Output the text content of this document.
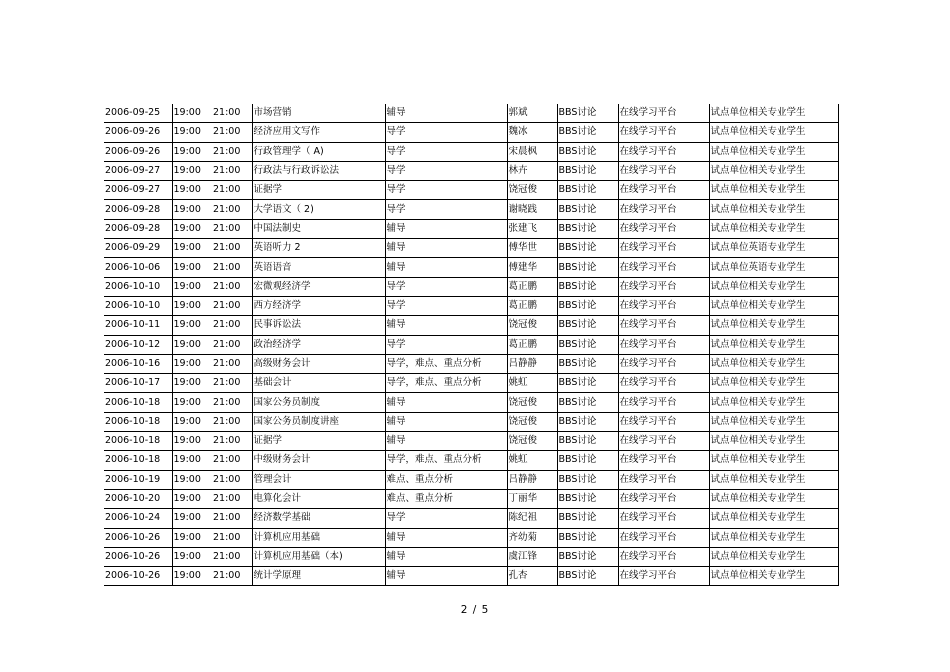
2006-09-25	19:00	21:00	市场营销	辅导	郭斌	BBS讨论	在线学习平台	试点单位相关专业学生
2006-09-26	19:00	21:00	经济应用文写作	导学	魏冰	BBS讨论	在线学习平台	试点单位相关专业学生
2006-09-26	19:00	21:00	行政管理学（ A)	导学	宋晨枫	BBS讨论	在线学习平台	试点单位相关专业学生
2006-09-27	19:00	21:00	行政法与行政诉讼法	导学	林卉	BBS讨论	在线学习平台	试点单位相关专业学生
2006-09-27	19:00	21:00	证据学	导学	饶冠俊	BBS讨论	在线学习平台	试点单位相关专业学生
2006-09-28	19:00	21:00	大学语文（ 2)	导学	谢晓践	BBS讨论	在线学习平台	试点单位相关专业学生
2006-09-28	19:00	21:00	中国法制史	辅导	张建飞	BBS讨论	在线学习平台	试点单位相关专业学生
2006-09-29	19:00	21:00	英语听力 2	辅导	傅华世	BBS讨论	在线学习平台	试点单位英语专业学生
2006-10-06	19:00	21:00	英语语音	辅导	傅建华	BBS讨论	在线学习平台	试点单位英语专业学生
2006-10-10	19:00	21:00	宏微观经济学	导学	葛正鹏	BBS讨论	在线学习平台	试点单位相关专业学生
2006-10-10	19:00	21:00	西方经济学	导学	葛正鹏	BBS讨论	在线学习平台	试点单位相关专业学生
2006-10-11	19:00	21:00	民事诉讼法	辅导	饶冠俊	BBS讨论	在线学习平台	试点单位相关专业学生
2006-10-12	19:00	21:00	政治经济学	导学	葛正鹏	BBS讨论	在线学习平台	试点单位相关专业学生
2006-10-16	19:00	21:00	高级财务会计	导学，难点、重点分析	吕静静	BBS讨论	在线学习平台	试点单位相关专业学生
2006-10-17	19:00	21:00	基础会计	导学，难点、重点分析	姚虹	BBS讨论	在线学习平台	试点单位相关专业学生
2006-10-18	19:00	21:00	国家公务员制度	辅导	饶冠俊	BBS讨论	在线学习平台	试点单位相关专业学生
2006-10-18	19:00	21:00	国家公务员制度讲座	辅导	饶冠俊	BBS讨论	在线学习平台	试点单位相关专业学生
2006-10-18	19:00	21:00	证据学	辅导	饶冠俊	BBS讨论	在线学习平台	试点单位相关专业学生
2006-10-18	19:00	21:00	中级财务会计	导学，难点、重点分析	姚虹	BBS讨论	在线学习平台	试点单位相关专业学生
2006-10-19	19:00	21:00	管理会计	难点、重点分析	吕静静	BBS讨论	在线学习平台	试点单位相关专业学生
2006-10-20	19:00	21:00	电算化会计	难点、重点分析	丁丽华	BBS讨论	在线学习平台	试点单位相关专业学生
2006-10-24	19:00	21:00	经济数学基础	导学	陈纪祖	BBS讨论	在线学习平台	试点单位相关专业学生
2006-10-26	19:00	21:00	计算机应用基础	辅导	齐幼菊	BBS讨论	在线学习平台	试点单位相关专业学生
2006-10-26	19:00	21:00	计算机应用基础（本)	辅导	虞江锋	BBS讨论	在线学习平台	试点单位相关专业学生
2006-10-26	19:00	21:00	统计学原理	辅导	孔杏	BBS讨论	在线学习平台	试点单位相关专业学生
2 / 5
